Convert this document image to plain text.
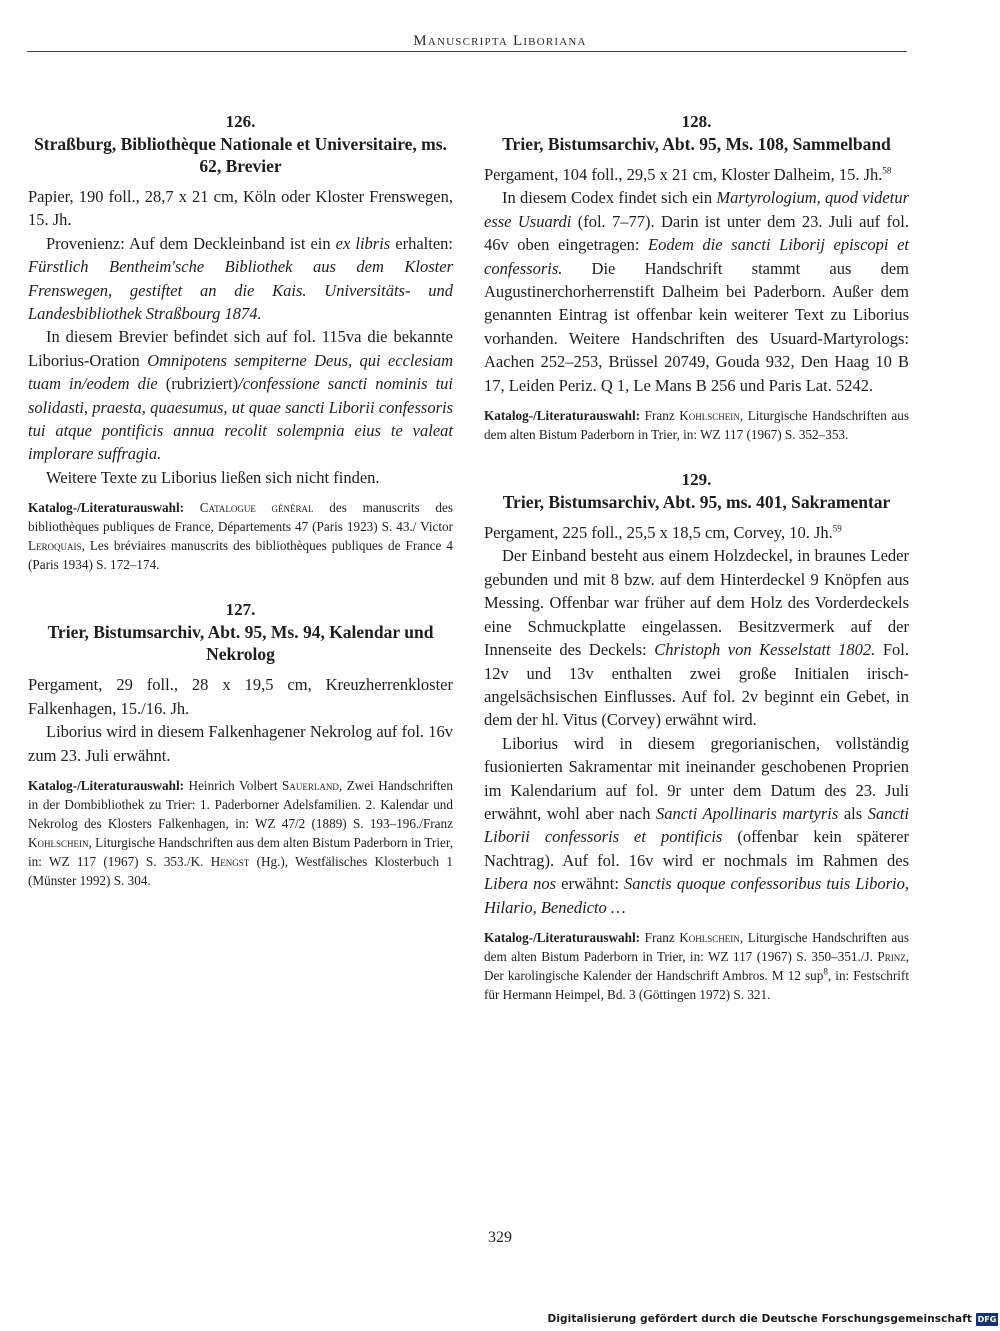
Manuscripta Liboriana
126.
Straßburg, Bibliothèque Nationale et Universitaire, ms. 62, Brevier

Papier, 190 foll., 28,7 x 21 cm, Köln oder Kloster Frenswegen, 15. Jh.

Provenienz: Auf dem Deckleinband ist ein ex libris erhalten: Fürstlich Bentheim'sche Bibliothek aus dem Kloster Frenswegen, gestiftet an die Kais. Universitäts- und Landesbibliothek Straßbourg 1874.

In diesem Brevier befindet sich auf fol. 115va die bekannte Liborius-Oration Omnipotens sempiterne Deus, qui ecclesiam tuam in/eodem die (rubriziert)/confessione sancti nominis tui solidasti, praesta, quaesumus, ut quae sancti Liborii confessoris tui atque pontificis annua recolit solempnia eius te valeat implorare suffragia.

Weitere Texte zu Liborius ließen sich nicht finden.

Katalog-/Literaturauswahl: Catalogue général des manuscrits des bibliothèques publiques de France, Départements 47 (Paris 1923) S. 43./ Victor Leroquais, Les bréviaires manuscrits des bibliothèques publiques de France 4 (Paris 1934) S. 172–174.
127.
Trier, Bistumsarchiv, Abt. 95, Ms. 94, Kalendar und Nekrolog

Pergament, 29 foll., 28 x 19,5 cm, Kreuzherrenkloster Falkenhagen, 15./16. Jh.

Liborius wird in diesem Falkenhagener Nekrolog auf fol. 16v zum 23. Juli erwähnt.

Katalog-/Literaturauswahl: Heinrich Volbert Sauerland, Zwei Handschriften in der Dombibliothek zu Trier: 1. Paderborner Adelsfamilien. 2. Kalendar und Nekrolog des Klosters Falkenhagen, in: WZ 47/2 (1889) S. 193–196./Franz Kohlschein, Liturgische Handschriften aus dem alten Bistum Paderborn in Trier, in: WZ 117 (1967) S. 353./K. Hengst (Hg.), Westfälisches Klosterbuch 1 (Münster 1992) S. 304.
128.
Trier, Bistumsarchiv, Abt. 95, Ms. 108, Sammelband

Pergament, 104 foll., 29,5 x 21 cm, Kloster Dalheim, 15. Jh.$^{58}$

In diesem Codex findet sich ein Martyrologium, quod videtur esse Usuardi (fol. 7–77). Darin ist unter dem 23. Juli auf fol. 46v oben eingetragen: Eodem die sancti Liborij episcopi et confessoris. Die Handschrift stammt aus dem Augustinerchorherrenstift Dalheim bei Paderborn. Außer dem genannten Eintrag ist offenbar kein weiterer Text zu Liborius vorhanden. Weitere Handschriften des Usuard-Martyrologs: Aachen 252–253, Brüssel 20749, Gouda 932, Den Haag 10 B 17, Leiden Periz. Q 1, Le Mans B 256 und Paris Lat. 5242.

Katalog-/Literaturauswahl: Franz Kohlschein, Liturgische Handschriften aus dem alten Bistum Paderborn in Trier, in: WZ 117 (1967) S. 352–353.
129.
Trier, Bistumsarchiv, Abt. 95, ms. 401, Sakramentar

Pergament, 225 foll., 25,5 x 18,5 cm, Corvey, 10. Jh.$^{59}$

Der Einband besteht aus einem Holzdeckel, in braunes Leder gebunden und mit 8 bzw. auf dem Hinterdeckel 9 Knöpfen aus Messing. Offenbar war früher auf dem Holz des Vorderdeckels eine Schmuckplatte eingelassen. Besitzvermerk auf der Innenseite des Deckels: Christoph von Kesselstatt 1802. Fol. 12v und 13v enthalten zwei große Initialen irisch-angelsächsischen Einflusses. Auf fol. 2v beginnt ein Gebet, in dem der hl. Vitus (Corvey) erwähnt wird.

Liborius wird in diesem gregorianischen, vollständig fusionierten Sakramentar mit ineinander geschobenen Proprien im Kalendarium auf fol. 9r unter dem Datum des 23. Juli erwähnt, wohl aber nach Sancti Apollinaris martyris als Sancti Liborii confessoris et pontificis (offenbar kein späterer Nachtrag). Auf fol. 16v wird er nochmals im Rahmen des Libera nos erwähnt: Sanctis quoque confessoribus tuis Liborio, Hilario, Benedicto …

Katalog-/Literaturauswahl: Franz Kohlschein, Liturgische Handschriften aus dem alten Bistum Paderborn in Trier, in: WZ 117 (1967) S. 350–351./J. Prinz, Der karolingische Kalender der Handschrift Ambros. M 12 sup$^8$, in: Festschrift für Hermann Heimpel, Bd. 3 (Göttingen 1972) S. 321.
329
Digitalisierung gefördert durch die Deutsche Forschungsgemeinschaft DFG
